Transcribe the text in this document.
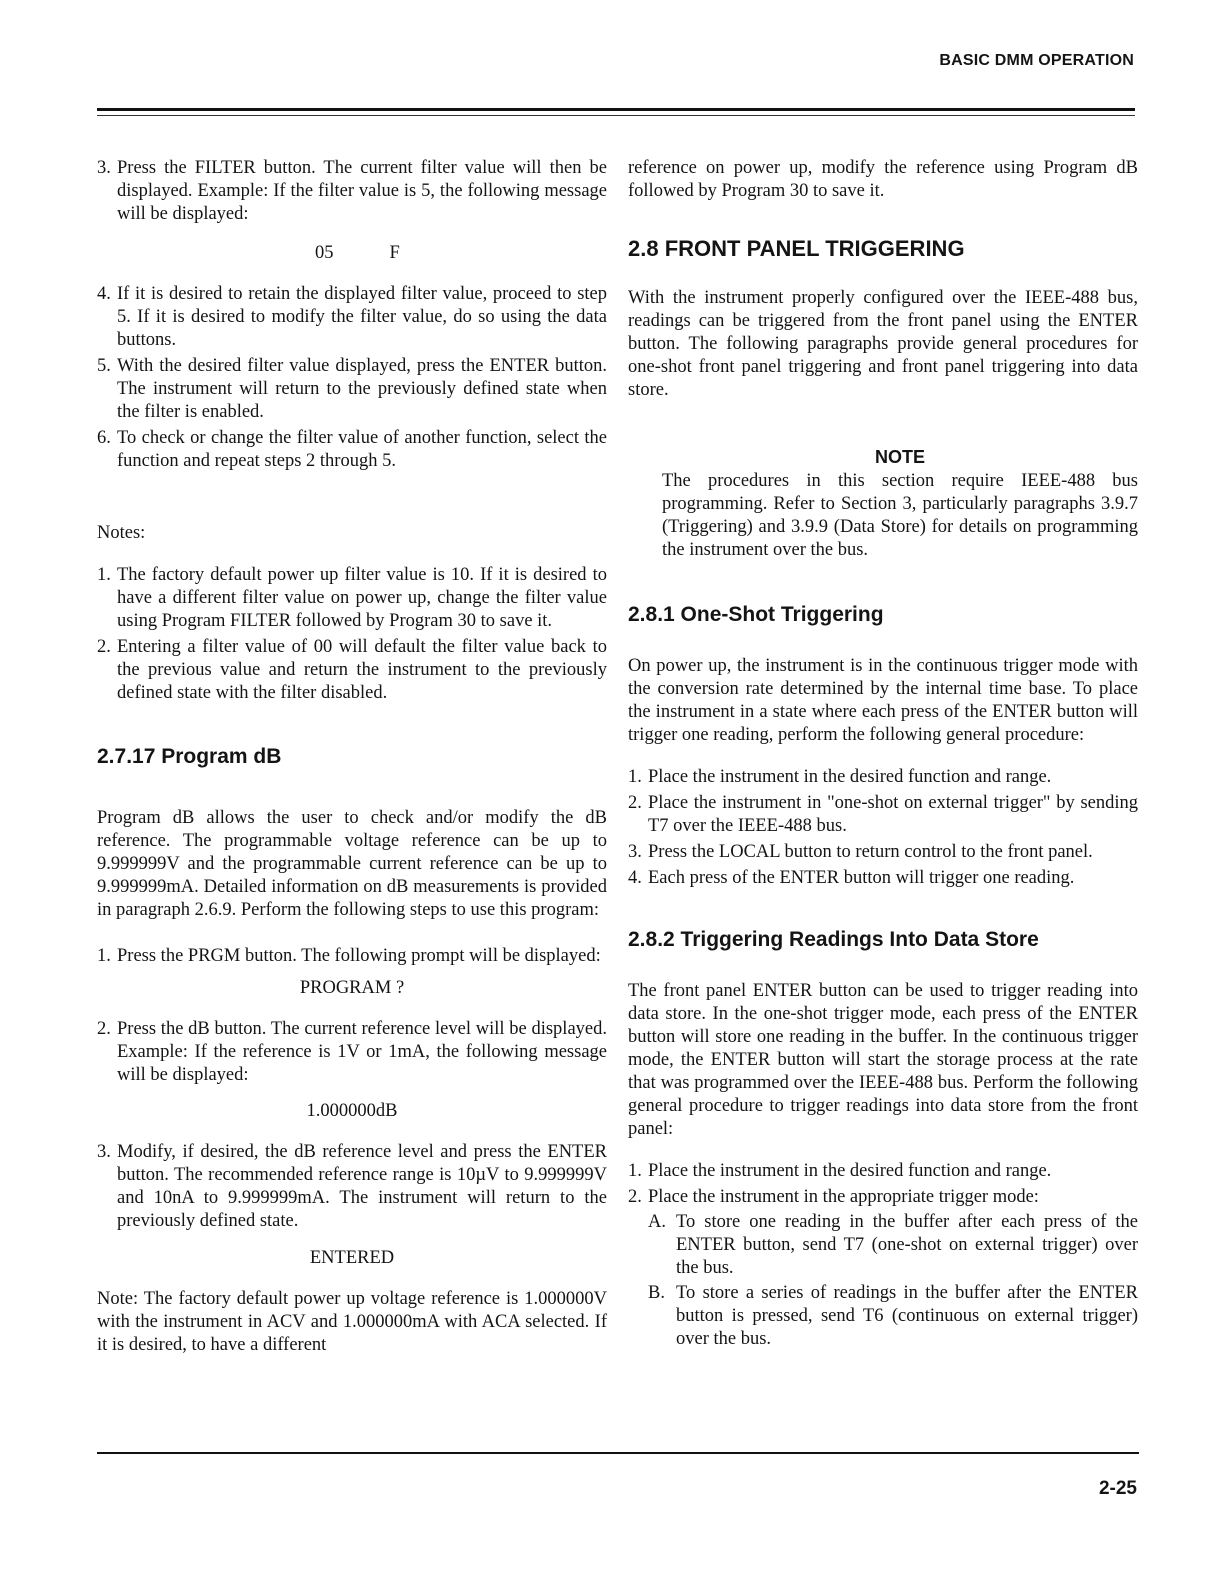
BASIC DMM OPERATION
3. Press the FILTER button. The current filter value will then be displayed. Example: If the filter value is 5, the following message will be displayed:
05	F
4. If it is desired to retain the displayed filter value, proceed to step 5. If it is desired to modify the filter value, do so using the data buttons.
5. With the desired filter value displayed, press the ENTER button. The instrument will return to the previously defined state when the filter is enabled.
6. To check or change the filter value of another function, select the function and repeat steps 2 through 5.

Notes:

1. The factory default power up filter value is 10. If it is desired to have a different filter value on power up, change the filter value using Program FILTER followed by Program 30 to save it.
2. Entering a filter value of 00 will default the filter value back to the previous value and return the instrument to the previously defined state with the filter disabled.
2.7.17 Program dB

Program dB allows the user to check and/or modify the dB reference. The programmable voltage reference can be up to 9.999999V and the programmable current reference can be up to 9.999999mA. Detailed information on dB measurements is provided in paragraph 2.6.9. Perform the following steps to use this program:

1. Press the PRGM button. The following prompt will be displayed:
PROGRAM ?
2. Press the dB button. The current reference level will be displayed. Example: If the reference is 1V or 1mA, the following message will be displayed:
1.000000dB
3. Modify, if desired, the dB reference level and press the ENTER button. The recommended reference range is 10µV to 9.999999V and 10nA to 9.999999mA. The instrument will return to the previously defined state.
ENTERED

Note: The factory default power up voltage reference is 1.000000V with the instrument in ACV and 1.000000mA with ACA selected. If it is desired, to have a different

reference on power up, modify the reference using Program dB followed by Program 30 to save it.

2.8 FRONT PANEL TRIGGERING

With the instrument properly configured over the IEEE-488 bus, readings can be triggered from the front panel using the ENTER button. The following paragraphs provide general procedures for one-shot front panel triggering and front panel triggering into data store.

NOTE

The procedures in this section require IEEE-488 bus programming. Refer to Section 3, particularly paragraphs 3.9.7 (Triggering) and 3.9.9 (Data Store) for details on programming the instrument over the bus.

2.8.1 One-Shot Triggering

On power up, the instrument is in the continuous trigger mode with the conversion rate determined by the internal time base. To place the instrument in a state where each press of the ENTER button will trigger one reading, perform the following general procedure:

1. Place the instrument in the desired function and range.
2. Place the instrument in "one-shot on external trigger" by sending T7 over the IEEE-488 bus.
3. Press the LOCAL button to return control to the front panel.
4. Each press of the ENTER button will trigger one reading.
2.8.2 Triggering Readings Into Data Store

The front panel ENTER button can be used to trigger reading into data store. In the one-shot trigger mode, each press of the ENTER button will store one reading in the buffer. In the continuous trigger mode, the ENTER button will start the storage process at the rate that was programmed over the IEEE-488 bus. Perform the following general procedure to trigger readings into data store from the front panel:

1. Place the instrument in the desired function and range.
2. Place the instrument in the appropriate trigger mode:
A. To store one reading in the buffer after each press of the ENTER button, send T7 (one-shot on external trigger) over the bus.
B. To store a series of readings in the buffer after the ENTER button is pressed, send T6 (continuous on external trigger) over the bus.
2-25
